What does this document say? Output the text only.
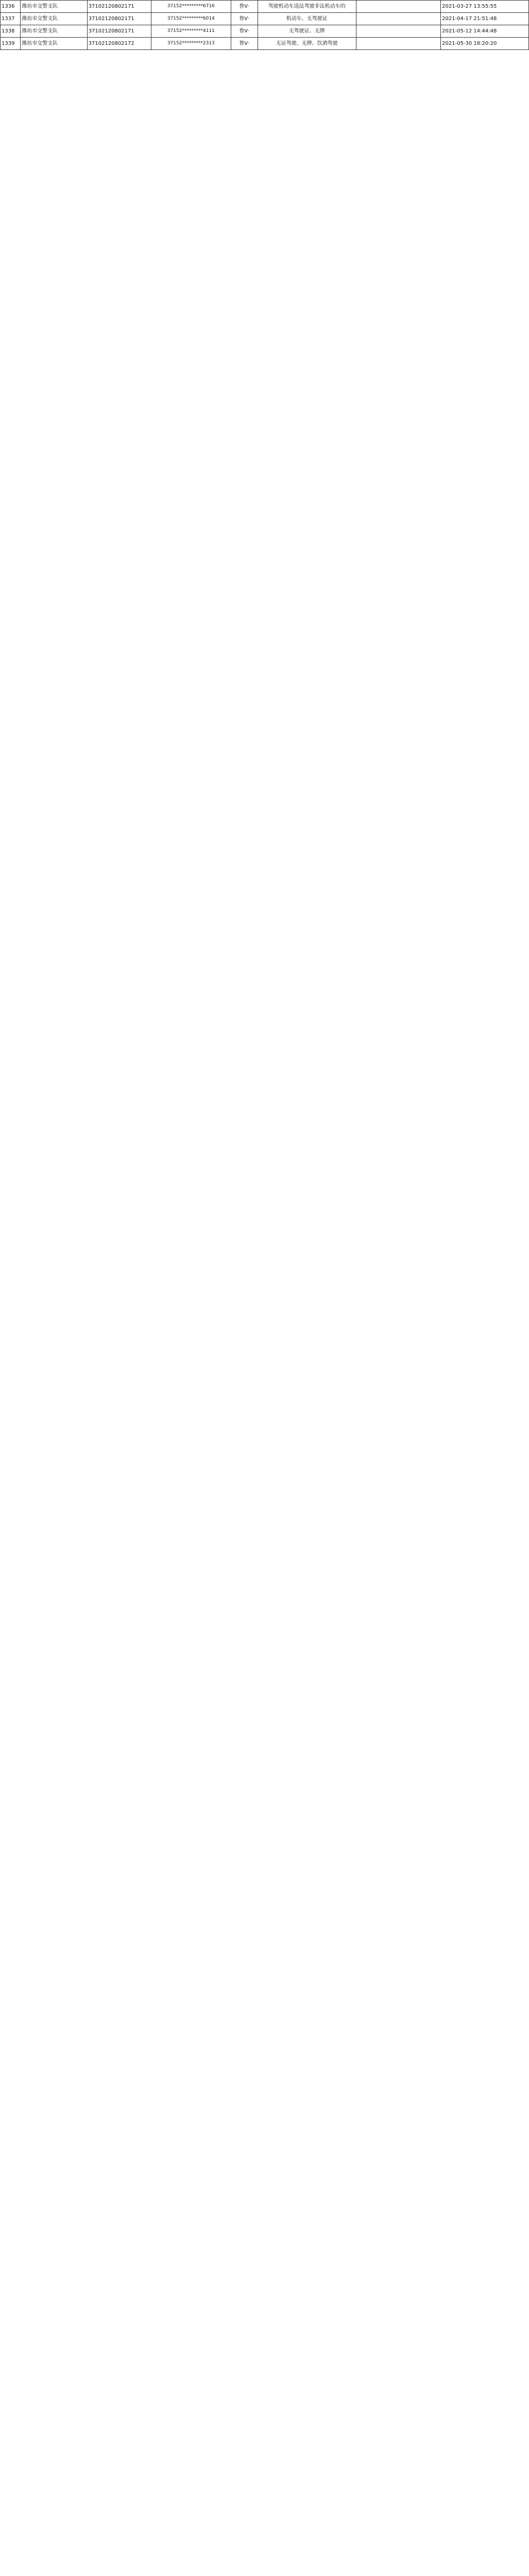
1336	潍坊市交警支队	37102120802171	37152*********6716	鲁V·	驾驶机动车违法驾驶非法机动车的		2021-03-27 13:55:55
1337	潍坊市交警支队	37102120802171	37152*********6014	鲁V·	机动车、无驾驶证		2021-04-17 21:51:48
1338	潍坊市交警支队	37102120802171	37152*********4111	鲁V·	无驾驶证、无牌		2021-05-12 14:44:48
1339	潍坊市交警支队	37102120802172	37152*********2313	鲁V·	无证驾驶、无牌、饮酒驾驶		2021-05-30 18:20:20
